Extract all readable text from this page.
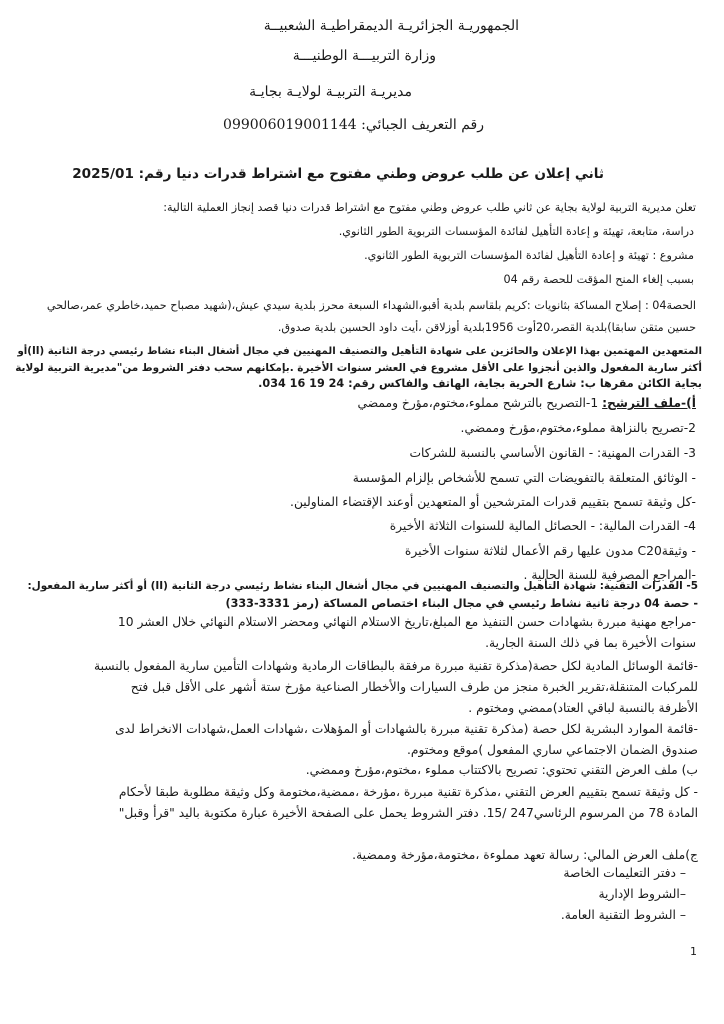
الجمهوريـة الجزائريـة الديمقراطيـة الشعبيــة
وزارة التربيـــة الوطنيـــة
مديريـة التربيـة لولايـة بجايـة
رقم التعريف الجبائي: 099006019001144
ثاني إعلان عن طلب عروض وطني مفتوح مع اشتراط قدرات دنيا رقم: 2025/01
تعلن مديرية التربية لولاية بجاية عن ثاني طلب عروض وطني مفتوح مع اشتراط قدرات دنيا قصد إنجاز العملية التالية:
دراسة، متابعة، تهيئة و إعادة التأهيل لفائدة المؤسسات التربوية الطور الثانوي.
مشروع : تهيئة و إعادة التأهيل لفائدة المؤسسات التربوية الطور الثانوي.
بسبب إلغاء المنح المؤقت للحصة رقم 04
الحصة04 : إصلاح المساكة بثانويات :كريم بلقاسم بلدية أقبو،الشهداء السبعة محرز بلدية سيدي عيش،(شهيد مصباح حميد،خاطري عمر،صالحي
حسين متقن سابقا)بلدية القصر،20أوت 1956بلدية أوزلاقن ،أيت داود الحسين بلدية صدوق.
المتعهدين المهتمين بهذا الإعلان والحائزين على شهادة التأهيل والتصنيف المهنيين في مجال أشغال البناء نشاط رئيسي درجة الثانية (II)أو
أكثر سارية المفعول والذين أنجزوا على الأقل مشروع في العشر سنوات الأخيرة .بإمكانهم سحب دفتر الشروط من"مديرية التربية لولاية
بجاية الكائن مقرها ب: شارع الحرية بجاية، الهاتف والفاكس رقم: 24 19 16 034.
أ)-ملف الترشح: 1-التصريح بالترشح مملوء،مختوم،مؤرخ وممضي
2-تصريح بالنزاهة مملوء،مختوم،مؤرخ وممضي.
3- القدرات المهنية: - القانون الأساسي بالنسبة للشركات
- الوثائق المتعلقة بالتفويضات التي تسمح للأشخاص بإلزام المؤسسة
-كل وثيقة تسمح بتقييم قدرات المترشحين أو المتعهدين أوعند الإقتضاء المناولين.
4- القدرات المالية: - الحصائل المالية للسنوات الثلاثة الأخيرة
- وثيقةC20 مدون عليها رقم الأعمال لثلاثة سنوات الأخيرة
-المراجع المصرفية للسنة الحالية .
5- القدرات التقنية: شهادة التأهيل والتصنيف المهنيين في مجال أشغال البناء نشاط رئيسي درجة الثانية (II) أو أكثر سارية المفعول:
- حصة 04 درجة ثانية نشاط رئيسي في مجال البناء اختصاص المساكة (رمز 3331-333)
-مراجع مهنية مبررة بشهادات حسن التنفيذ مع المبلغ،تاريخ الاستلام النهائي ومحضر الاستلام النهائي خلال العشر 10
سنوات الأخيرة بما في ذلك السنة الجارية.
-قائمة الوسائل المادية لكل حصة(مذكرة تقنية مبررة مرفقة بالبطاقات الرمادية وشهادات التأمين سارية المفعول بالنسبة
للمركبات المتنقلة،تقرير الخبرة منجز من طرف السيارات والأخطار الصناعية مؤرخ ستة أشهر على الأقل قبل فتح
الأظرفة بالنسبة لباقي العتاد)ممضي ومختوم .
-قائمة الموارد البشرية لكل حصة (مذكرة تقنية مبررة بالشهادات أو المؤهلات ،شهادات العمل،شهادات الانخراط لدى
صندوق الضمان الاجتماعي ساري المفعول )موقع ومختوم.
ب) ملف العرض التقني تحتوي: تصريح بالاكتتاب مملوء ،مختوم،مؤرخ وممضي.
- كل وثيقة تسمح بتقييم العرض التقني ،مذكرة تقنية مبررة ،مؤرخة ،ممضية،مختومة وكل وثيقة مطلوبة طبقا لأحكام
المادة 78 من المرسوم الرئاسي247 /15. دفتر الشروط يحمل على الصفحة الأخيرة عبارة مكتوبة باليد "قرأ وقبل"
ج)ملف العرض المالي: رسالة تعهد مملوءة ،مختومة،مؤرخة وممضية.
– دفتر التعليمات الخاصة
–الشروط الإدارية
– الشروط التقنية العامة.
1
